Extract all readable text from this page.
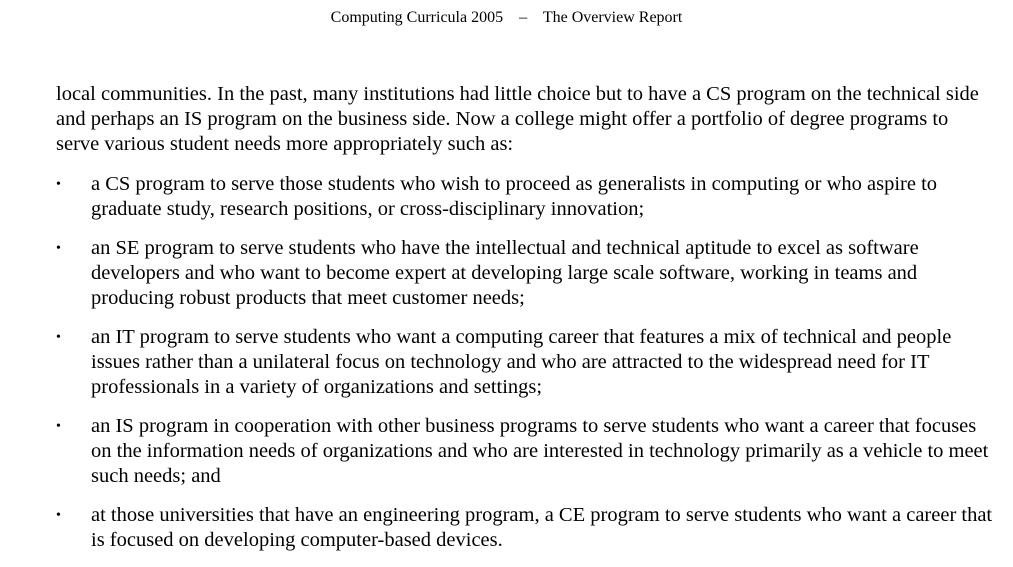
Computing Curricula 2005    –    The Overview Report

local communities. In the past, many institutions had little choice but to have a CS program on the technical side and perhaps an IS program on the business side. Now a college might offer a portfolio of degree programs to serve various student needs more appropriately such as:

•	a CS program to serve those students who wish to proceed as generalists in computing or who aspire to graduate study, research positions, or cross-disciplinary innovation;
•	an SE program to serve students who have the intellectual and technical aptitude to excel as software developers and who want to become expert at developing large scale software, working in teams and producing robust products that meet customer needs;
•	an IT program to serve students who want a computing career that features a mix of technical and people issues rather than a unilateral focus on technology and who are attracted to the widespread need for IT professionals in a variety of organizations and settings;
•	an IS program in cooperation with other business programs to serve students who want a career that focuses on the information needs of organizations and who are interested in technology primarily as a vehicle to meet such needs; and
•	at those universities that have an engineering program, a CE program to serve students who want a career that is focused on developing computer-based devices.
